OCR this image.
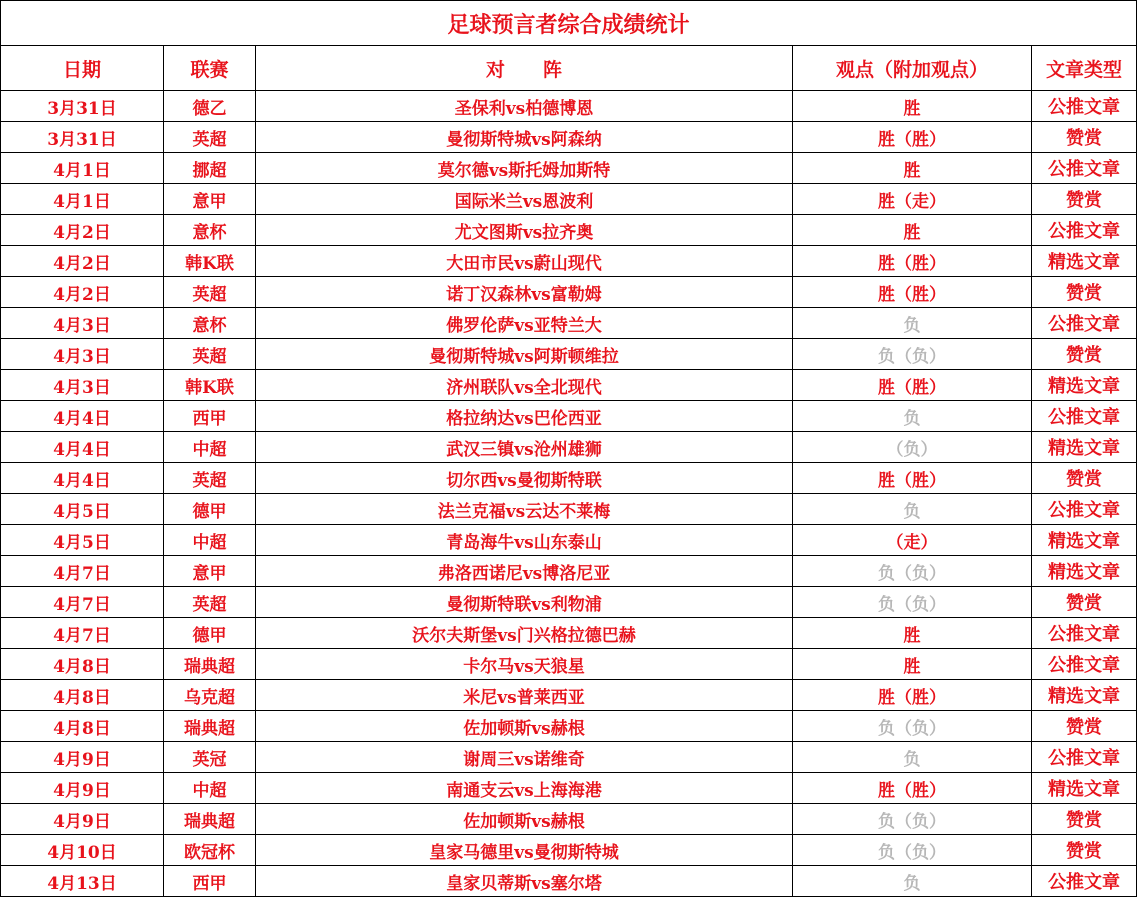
足球预言者综合成绩统计				
日期	联赛	对　　阵	观点（附加观点）	文章类型
3月31日	德乙	圣保利vs柏德博恩	胜	公推文章
3月31日	英超	曼彻斯特城vs阿森纳	胜（胜）	赞赏
4月1日	挪超	莫尔德vs斯托姆加斯特	胜	公推文章
4月1日	意甲	国际米兰vs恩波利	胜（走）	赞赏
4月2日	意杯	尤文图斯vs拉齐奥	胜	公推文章
4月2日	韩K联	大田市民vs蔚山现代	胜（胜）	精选文章
4月2日	英超	诺丁汉森林vs富勒姆	胜（胜）	赞赏
4月3日	意杯	佛罗伦萨vs亚特兰大	负	公推文章
4月3日	英超	曼彻斯特城vs阿斯顿维拉	负（负）	赞赏
4月3日	韩K联	济州联队vs全北现代	胜（胜）	精选文章
4月4日	西甲	格拉纳达vs巴伦西亚	负	公推文章
4月4日	中超	武汉三镇vs沧州雄狮	（负）	精选文章
4月4日	英超	切尔西vs曼彻斯特联	胜（胜）	赞赏
4月5日	德甲	法兰克福vs云达不莱梅	负	公推文章
4月5日	中超	青岛海牛vs山东泰山	（走）	精选文章
4月7日	意甲	弗洛西诺尼vs博洛尼亚	负（负）	精选文章
4月7日	英超	曼彻斯特联vs利物浦	负（负）	赞赏
4月7日	德甲	沃尔夫斯堡vs门兴格拉德巴赫	胜	公推文章
4月8日	瑞典超	卡尔马vs天狼星	胜	公推文章
4月8日	乌克超	米尼vs普莱西亚	胜（胜）	精选文章
4月8日	瑞典超	佐加顿斯vs赫根	负（负）	赞赏
4月9日	英冠	谢周三vs诺维奇	负	公推文章
4月9日	中超	南通支云vs上海海港	胜（胜）	精选文章
4月9日	瑞典超	佐加顿斯vs赫根	负（负）	赞赏
4月10日	欧冠杯	皇家马德里vs曼彻斯特城	负（负）	赞赏
4月13日	西甲	皇家贝蒂斯vs塞尔塔	负	公推文章
